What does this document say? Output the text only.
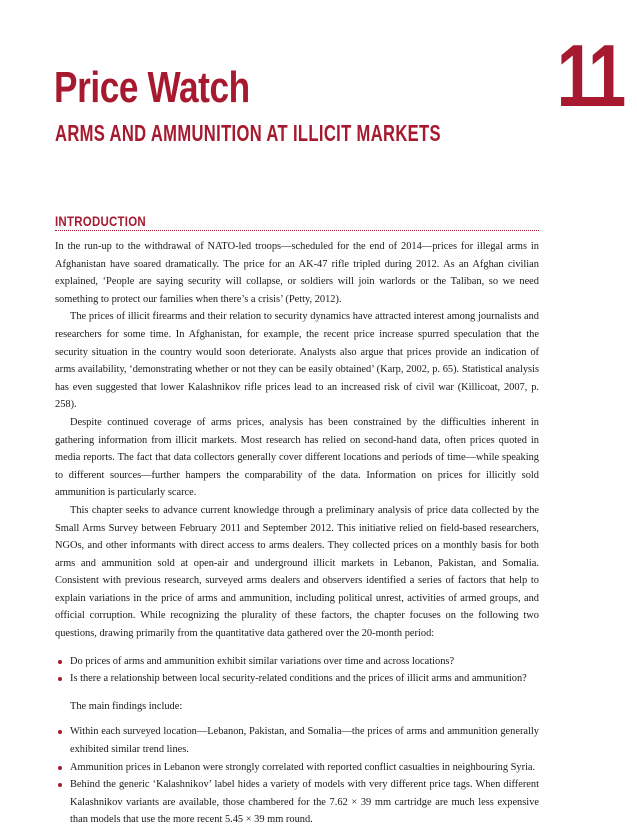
11
Price Watch
ARMS AND AMMUNITION AT ILLICIT MARKETS
INTRODUCTION

In the run-up to the withdrawal of NATO-led troops—scheduled for the end of 2014—prices for illegal arms in Afghanistan have soared dramatically. The price for an AK-47 rifle tripled during 2012. As an Afghan civilian explained, ‘People are saying security will collapse, or soldiers will join warlords or the Taliban, so we need something to protect our families when there’s a crisis’ (Petty, 2012).

The prices of illicit firearms and their relation to security dynamics have attracted interest among journalists and researchers for some time. In Afghanistan, for example, the recent price increase spurred speculation that the security situation in the country would soon deteriorate. Analysts also argue that prices provide an indication of arms availability, ‘demonstrating whether or not they can be easily obtained’ (Karp, 2002, p. 65). Statistical analysis has even suggested that lower Kalashnikov rifle prices lead to an increased risk of civil war (Killicoat, 2007, p. 258).

Despite continued coverage of arms prices, analysis has been constrained by the difficulties inherent in gathering information from illicit markets. Most research has relied on second-hand data, often prices quoted in media reports. The fact that data collectors generally cover different locations and periods of time—while speaking to different sources—further hampers the comparability of the data. Information on prices for illicitly sold ammunition is particularly scarce.

This chapter seeks to advance current knowledge through a preliminary analysis of price data collected by the Small Arms Survey between February 2011 and September 2012. This initiative relied on field-based researchers, NGOs, and other informants with direct access to arms dealers. They collected prices on a monthly basis for both arms and ammunition sold at open-air and underground illicit markets in Lebanon, Pakistan, and Somalia. Consistent with previous research, surveyed arms dealers and observers identified a series of factors that help to explain variations in the price of arms and ammunition, including political unrest, activities of armed groups, and official corruption. While recognizing the plurality of these factors, the chapter focuses on the following two questions, drawing primarily from the quantitative data gathered over the 20-month period:

Do prices of arms and ammunition exhibit similar variations over time and across locations?
Is there a relationship between local security-related conditions and the prices of illicit arms and ammunition?

The main findings include:

Within each surveyed location—Lebanon, Pakistan, and Somalia—the prices of arms and ammunition generally exhibited similar trend lines.
Ammunition prices in Lebanon were strongly correlated with reported conflict casualties in neighbouring Syria.
Behind the generic ‘Kalashnikov’ label hides a variety of models with very different price tags. When different Kalashnikov variants are available, those chambered for the 7.62 × 39 mm cartridge are much less expensive than models that use the more recent 5.45 × 39 mm round.
